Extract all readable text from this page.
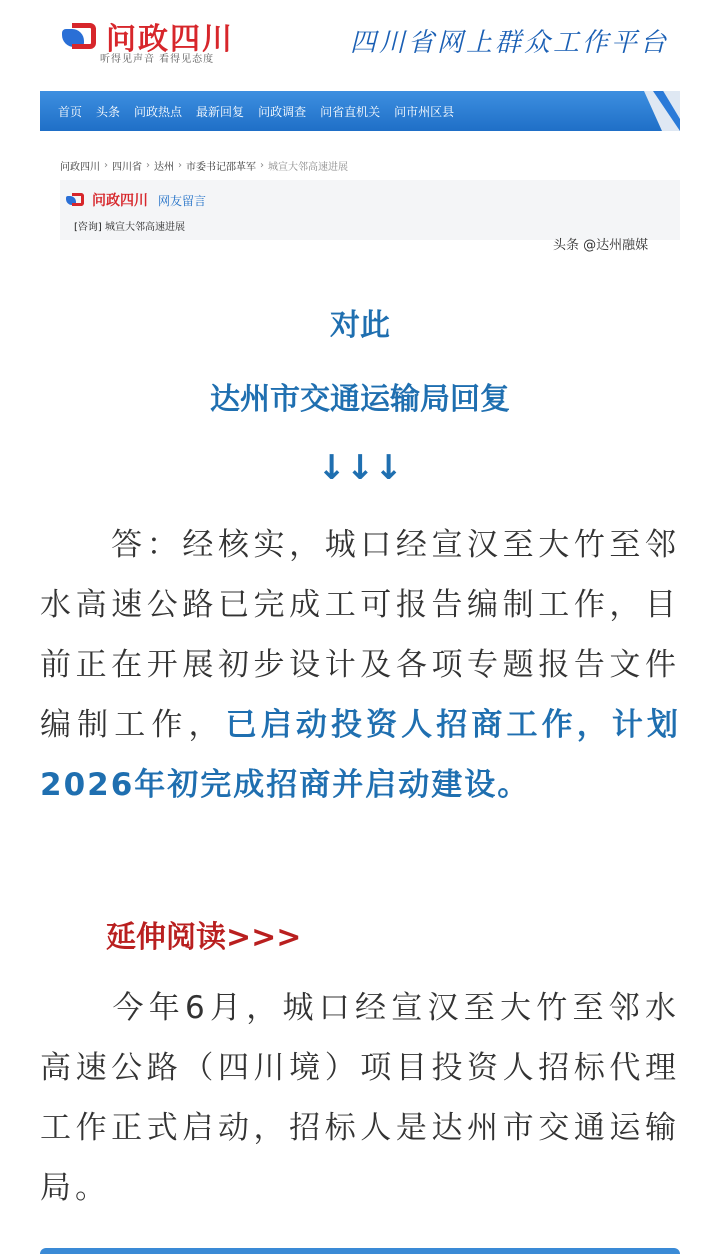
问政四川
听得见声音 看得见态度
四川省网上群众工作平台
首页 头条 问政热点 最新回复 问政调查 问省直机关 问市州区县
问政四川 › 四川省 › 达州 › 市委书记邵革军 › 城宣大邻高速进展
问政四川 网友留言
[咨询] 城宣大邻高速进展
头条 @达州融媒
对此
达州市交通运输局回复
↓↓↓
　　答：经核实，城口经宣汉至大竹至邻水高速公路已完成工可报告编制工作，目前正在开展初步设计及各项专题报告文件编制工作，已启动投资人招商工作，计划2026年初完成招商并启动建设。
延伸阅读>>>
　　今年6月，城口经宣汉至大竹至邻水高速公路（四川境）项目投资人招标代理工作正式启动，招标人是达州市交通运输局。
